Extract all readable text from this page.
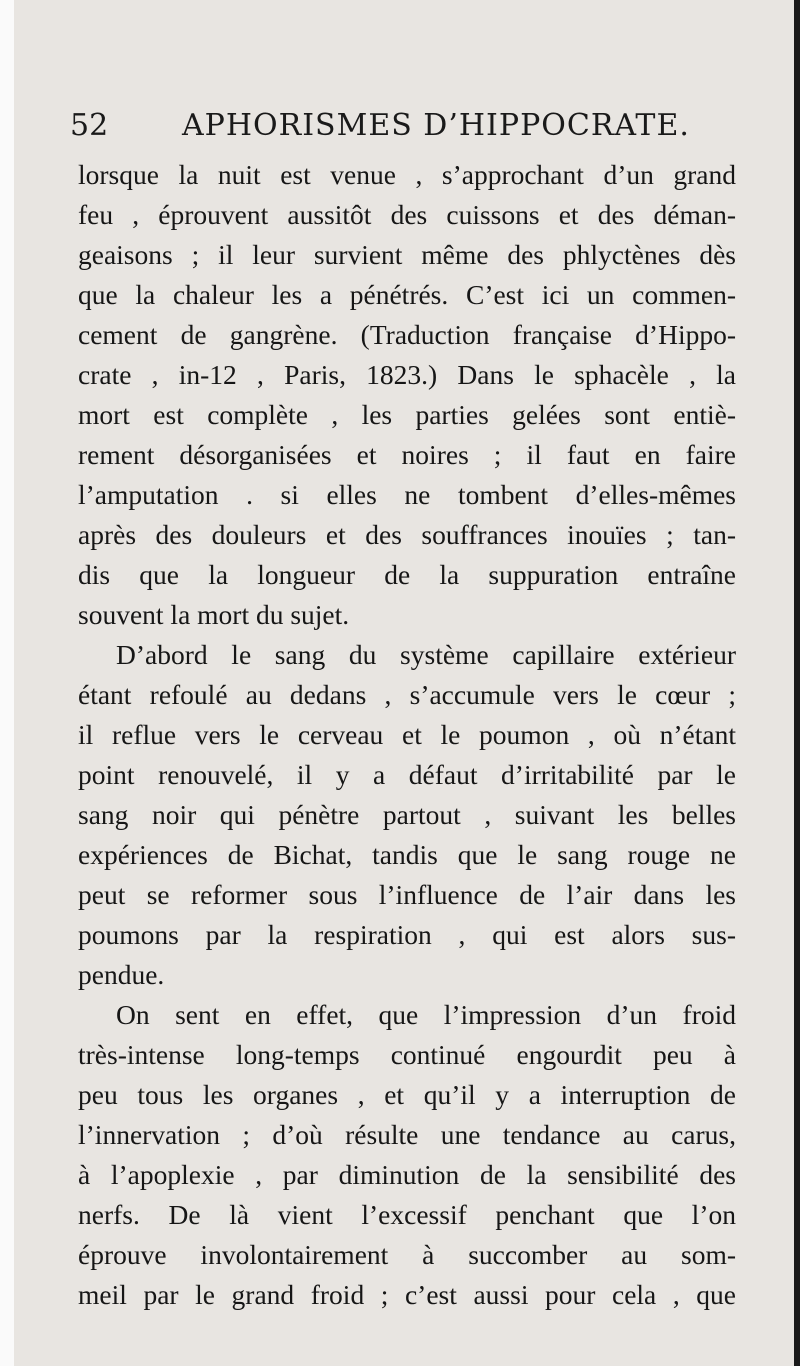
52 APHORISMES D’HIPPOCRATE.

lorsque la nuit est venue , s’approchant d’un grand
feu , éprouvent aussitôt des cuissons et des déman-
geaisons ; il leur survient même des phlyctènes dès
que la chaleur les a pénétrés. C’est ici un commen-
cement de gangrène. (Traduction française d’Hippo-
crate , in-12 , Paris, 1823.) Dans le sphacèle , la
mort est complète , les parties gelées sont entiè-
rement désorganisées et noires ; il faut en faire
l’amputation . si elles ne tombent d’elles-mêmes
après des douleurs et des souffrances inouïes ; tan-
dis que la longueur de la suppuration entraîne
souvent la mort du sujet.

D’abord le sang du système capillaire extérieur
étant refoulé au dedans , s’accumule vers le cœur ;
il reflue vers le cerveau et le poumon , où n’étant
point renouvelé, il y a défaut d’irritabilité par le
sang noir qui pénètre partout , suivant les belles
expériences de Bichat, tandis que le sang rouge ne
peut se reformer sous l’influence de l’air dans les
poumons par la respiration , qui est alors sus-
pendue.

On sent en effet, que l’impression d’un froid
très-intense long-temps continué engourdit peu à
peu tous les organes , et qu’il y a interruption de
l’innervation ; d’où résulte une tendance au carus,
à l’apoplexie , par diminution de la sensibilité des
nerfs. De là vient l’excessif penchant que l’on
éprouve involontairement à succomber au som-
meil par le grand froid ; c’est aussi pour cela , que
